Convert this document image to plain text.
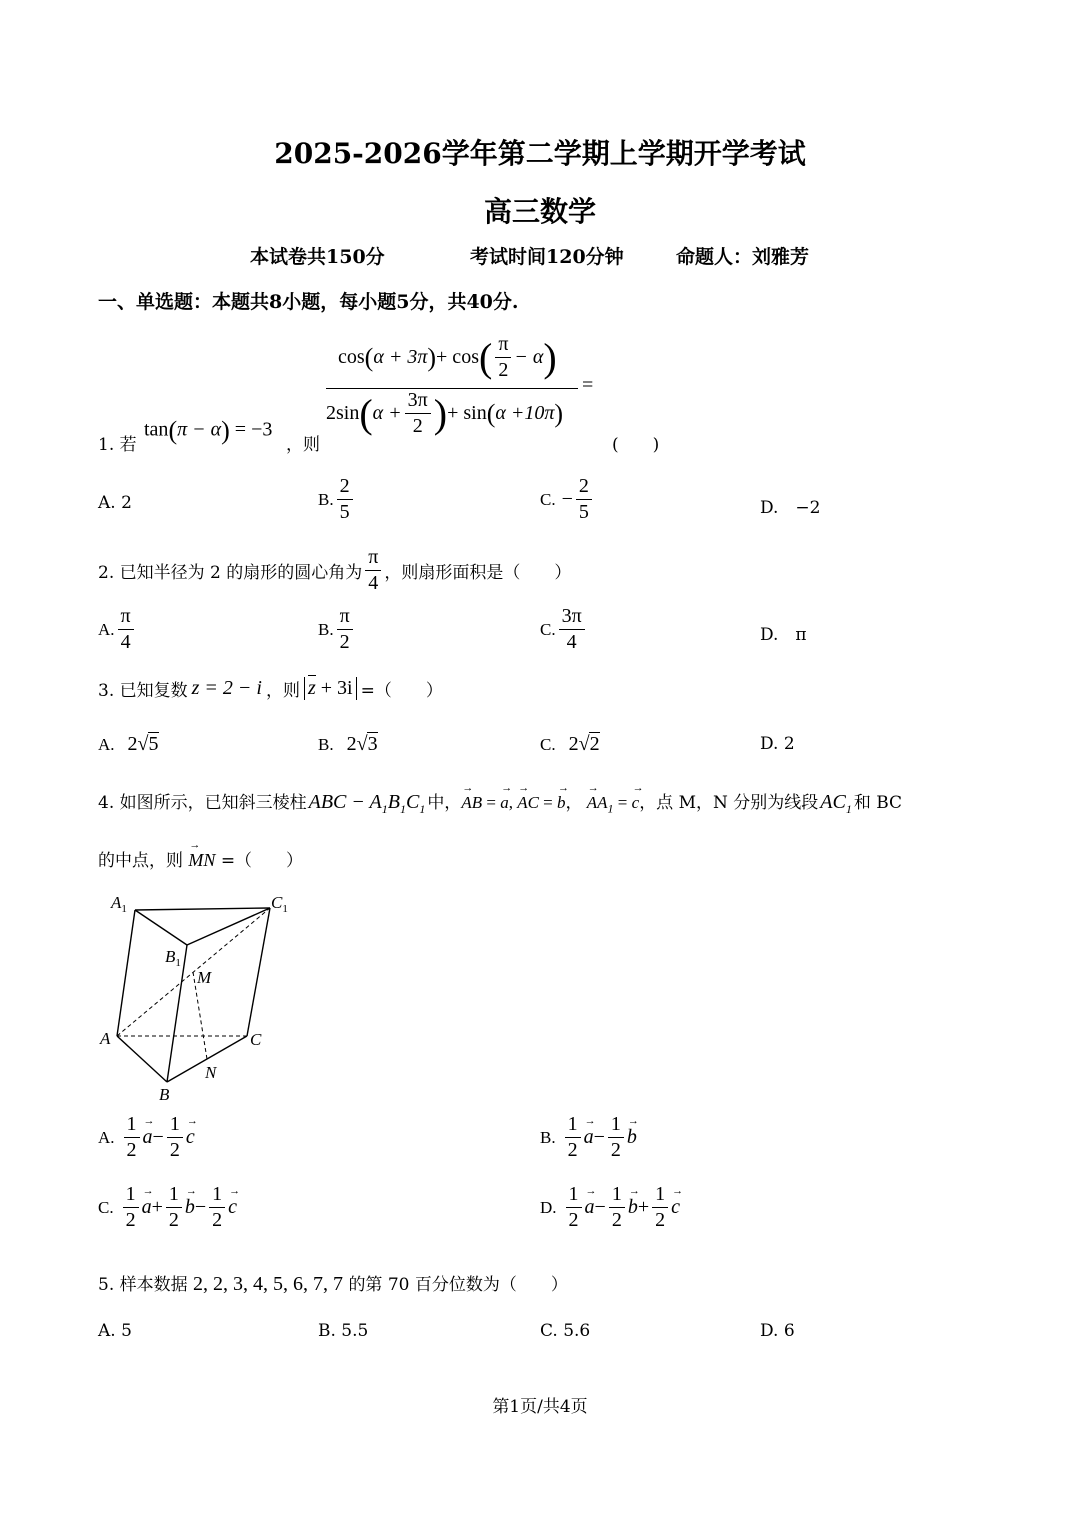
2025-2026学年第二学期上学期开学考试
高三数学
本试卷共150分	考试时间120分钟	命题人：刘雅芳
一、单选题：本题共8小题，每小题5分，共40分.
cos ( α + 3π ) + cos ( $\frac{\pi}{2} - \alpha$ )
2sin ( $\alpha + \frac{3\pi}{2}$ ) + sin ( α +10π )
=
1. 若
tan(π − α) = −3
，则	(　　)
A. 2	B. $\frac{2}{5}$	C. − $\frac{2}{5}$	D.　−2
2. 已知半径为 2 的扇形的圆心角为 $\frac{\pi}{4}$ ，则扇形面积是（　　）
A. $\frac{\pi}{4}$	B. $\frac{\pi}{2}$	C. $\frac{3\pi}{4}$	D.　π
3. 已知复数 z = 2 − i ，则 z + 3i =（　　）
A. 2√5	B. 2√3	C. 2√2	D. 2
4. 如图所示，已知斜三棱柱 ABC − $A_1B_1C_1$ 中，
→ AB = → a, → AC = → b， → $AA_1$ = → c ，点 M，N 分别为线段 $AC_1$ 和 BC
的中点，则 → MN =（　　）
$A_1$	$C_1$
$B_1$
M
A	C
N
B
A. $\frac{1}{2}$
→ $a - \frac{1}{2}$
→ c	B. $\frac{1}{2}$
→ $a - \frac{1}{2}$
→ b
C. $\frac{1}{2}$
→ $a + \frac{1}{2}$
→ $b - \frac{1}{2}$
→ c	D. $\frac{1}{2}$
→ $a - \frac{1}{2}$
→ $b + \frac{1}{2}$
→ c
5. 样本数据 2, 2, 3, 4, 5, 6, 7, 7 的第 70 百分位数为（　　）
A. 5	B. 5.5	C. 5.6	D. 6
第1页/共4页
